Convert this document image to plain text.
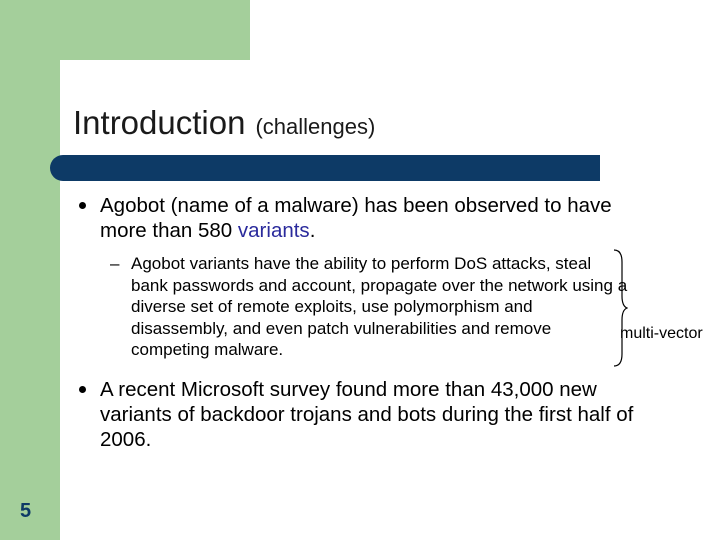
Introduction (challenges)

Agobot (name of a malware) has been observed to have more than 580 variants.

– Agobot variants have the ability to perform DoS attacks, steal bank passwords and account, propagate over the network using a diverse set of remote exploits, use polymorphism and disassembly, and even patch vulnerabilities and remove competing malware.

multi-vector

A recent Microsoft survey found more than 43,000 new variants of backdoor trojans and bots during the first half of 2006.

5
